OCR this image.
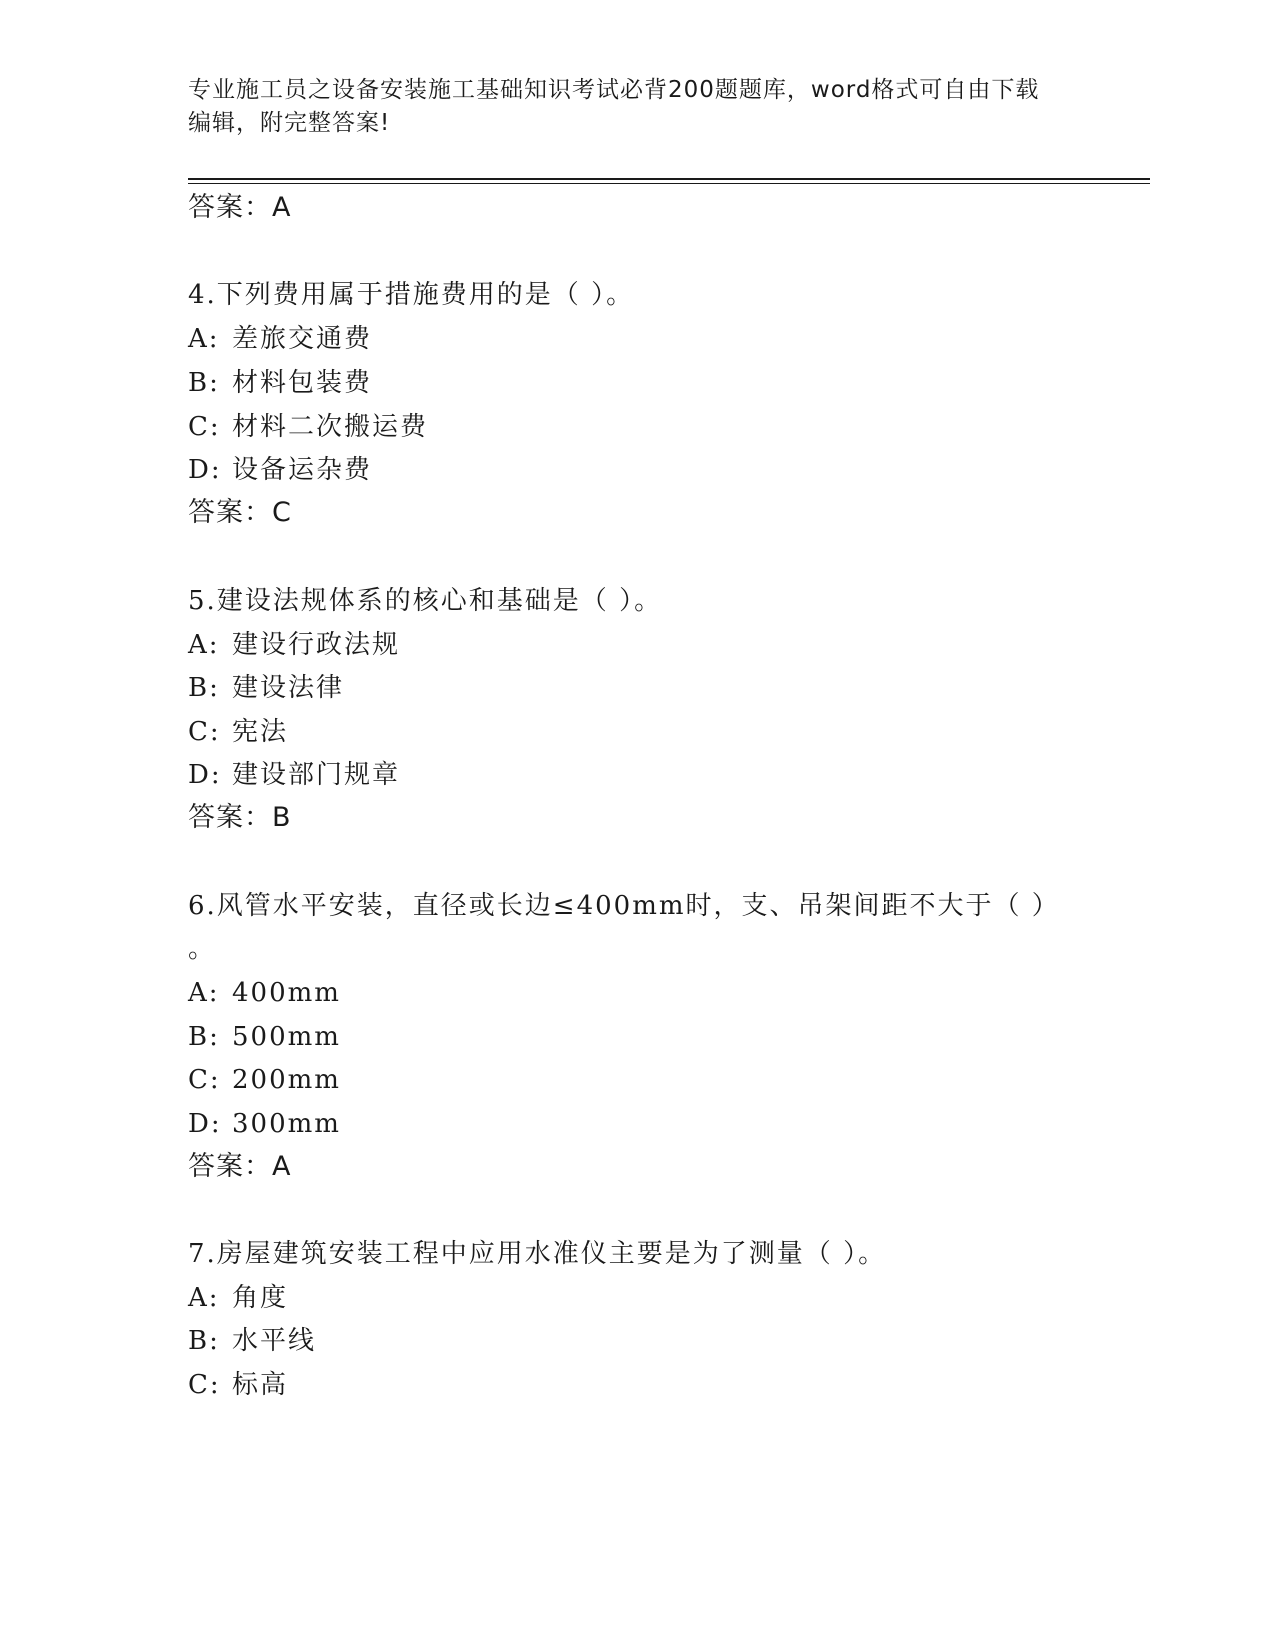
专业施工员之设备安装施工基础知识考试必背200题题库，word格式可自由下载
编辑，附完整答案!
答案：A
4.下列费用属于措施费用的是（ ）。
A: 差旅交通费
B: 材料包装费
C: 材料二次搬运费
D: 设备运杂费
答案：C
5.建设法规体系的核心和基础是（ ）。
A: 建设行政法规
B: 建设法律
C: 宪法
D: 建设部门规章
答案：B
6.风管水平安装，直径或长边≤400mm时，支、吊架间距不大于（ ）
。
A: 400mm
B: 500mm
C: 200mm
D: 300mm
答案：A
7.房屋建筑安装工程中应用水准仪主要是为了测量（ ）。
A: 角度
B: 水平线
C: 标高
